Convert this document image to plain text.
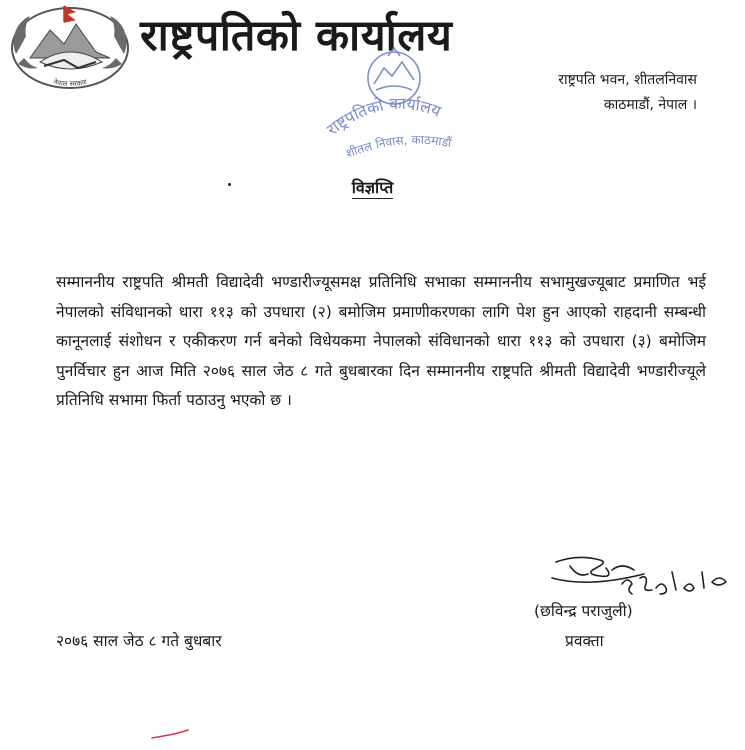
नेपाल सरकार
राष्ट्रपतिको कार्यालय
राष्ट्रपतिको कार्यालय
शीतल निवास, काठमाडौं
राष्ट्रपति भवन, शीतलनिवास
काठमाडौं, नेपाल ।
विज्ञप्ति
सम्माननीय राष्ट्रपति श्रीमती विद्यादेवी भण्डारीज्यूसमक्ष प्रतिनिधि सभाका सम्माननीय सभामुखज्यूबाट प्रमाणित भई नेपालको संविधानको धारा ११३ को उपधारा (२) बमोजिम प्रमाणीकरणका लागि पेश हुन आएको राहदानी सम्बन्धी कानूनलाई संशोधन र एकीकरण गर्न बनेको विधेयकमा नेपालको संविधानको धारा ११३ को उपधारा (३) बमोजिम पुनर्विचार हुन आज मिति २०७६ साल जेठ ८ गते बुधबारका दिन सम्माननीय राष्ट्रपति श्रीमती विद्यादेवी भण्डारीज्यूले प्रतिनिधि सभामा फिर्ता पठाउनु भएको छ ।
२०७६।२।८
(छविन्द्र पराजुली)
प्रवक्ता
२०७६ साल जेठ ८ गते बुधबार
